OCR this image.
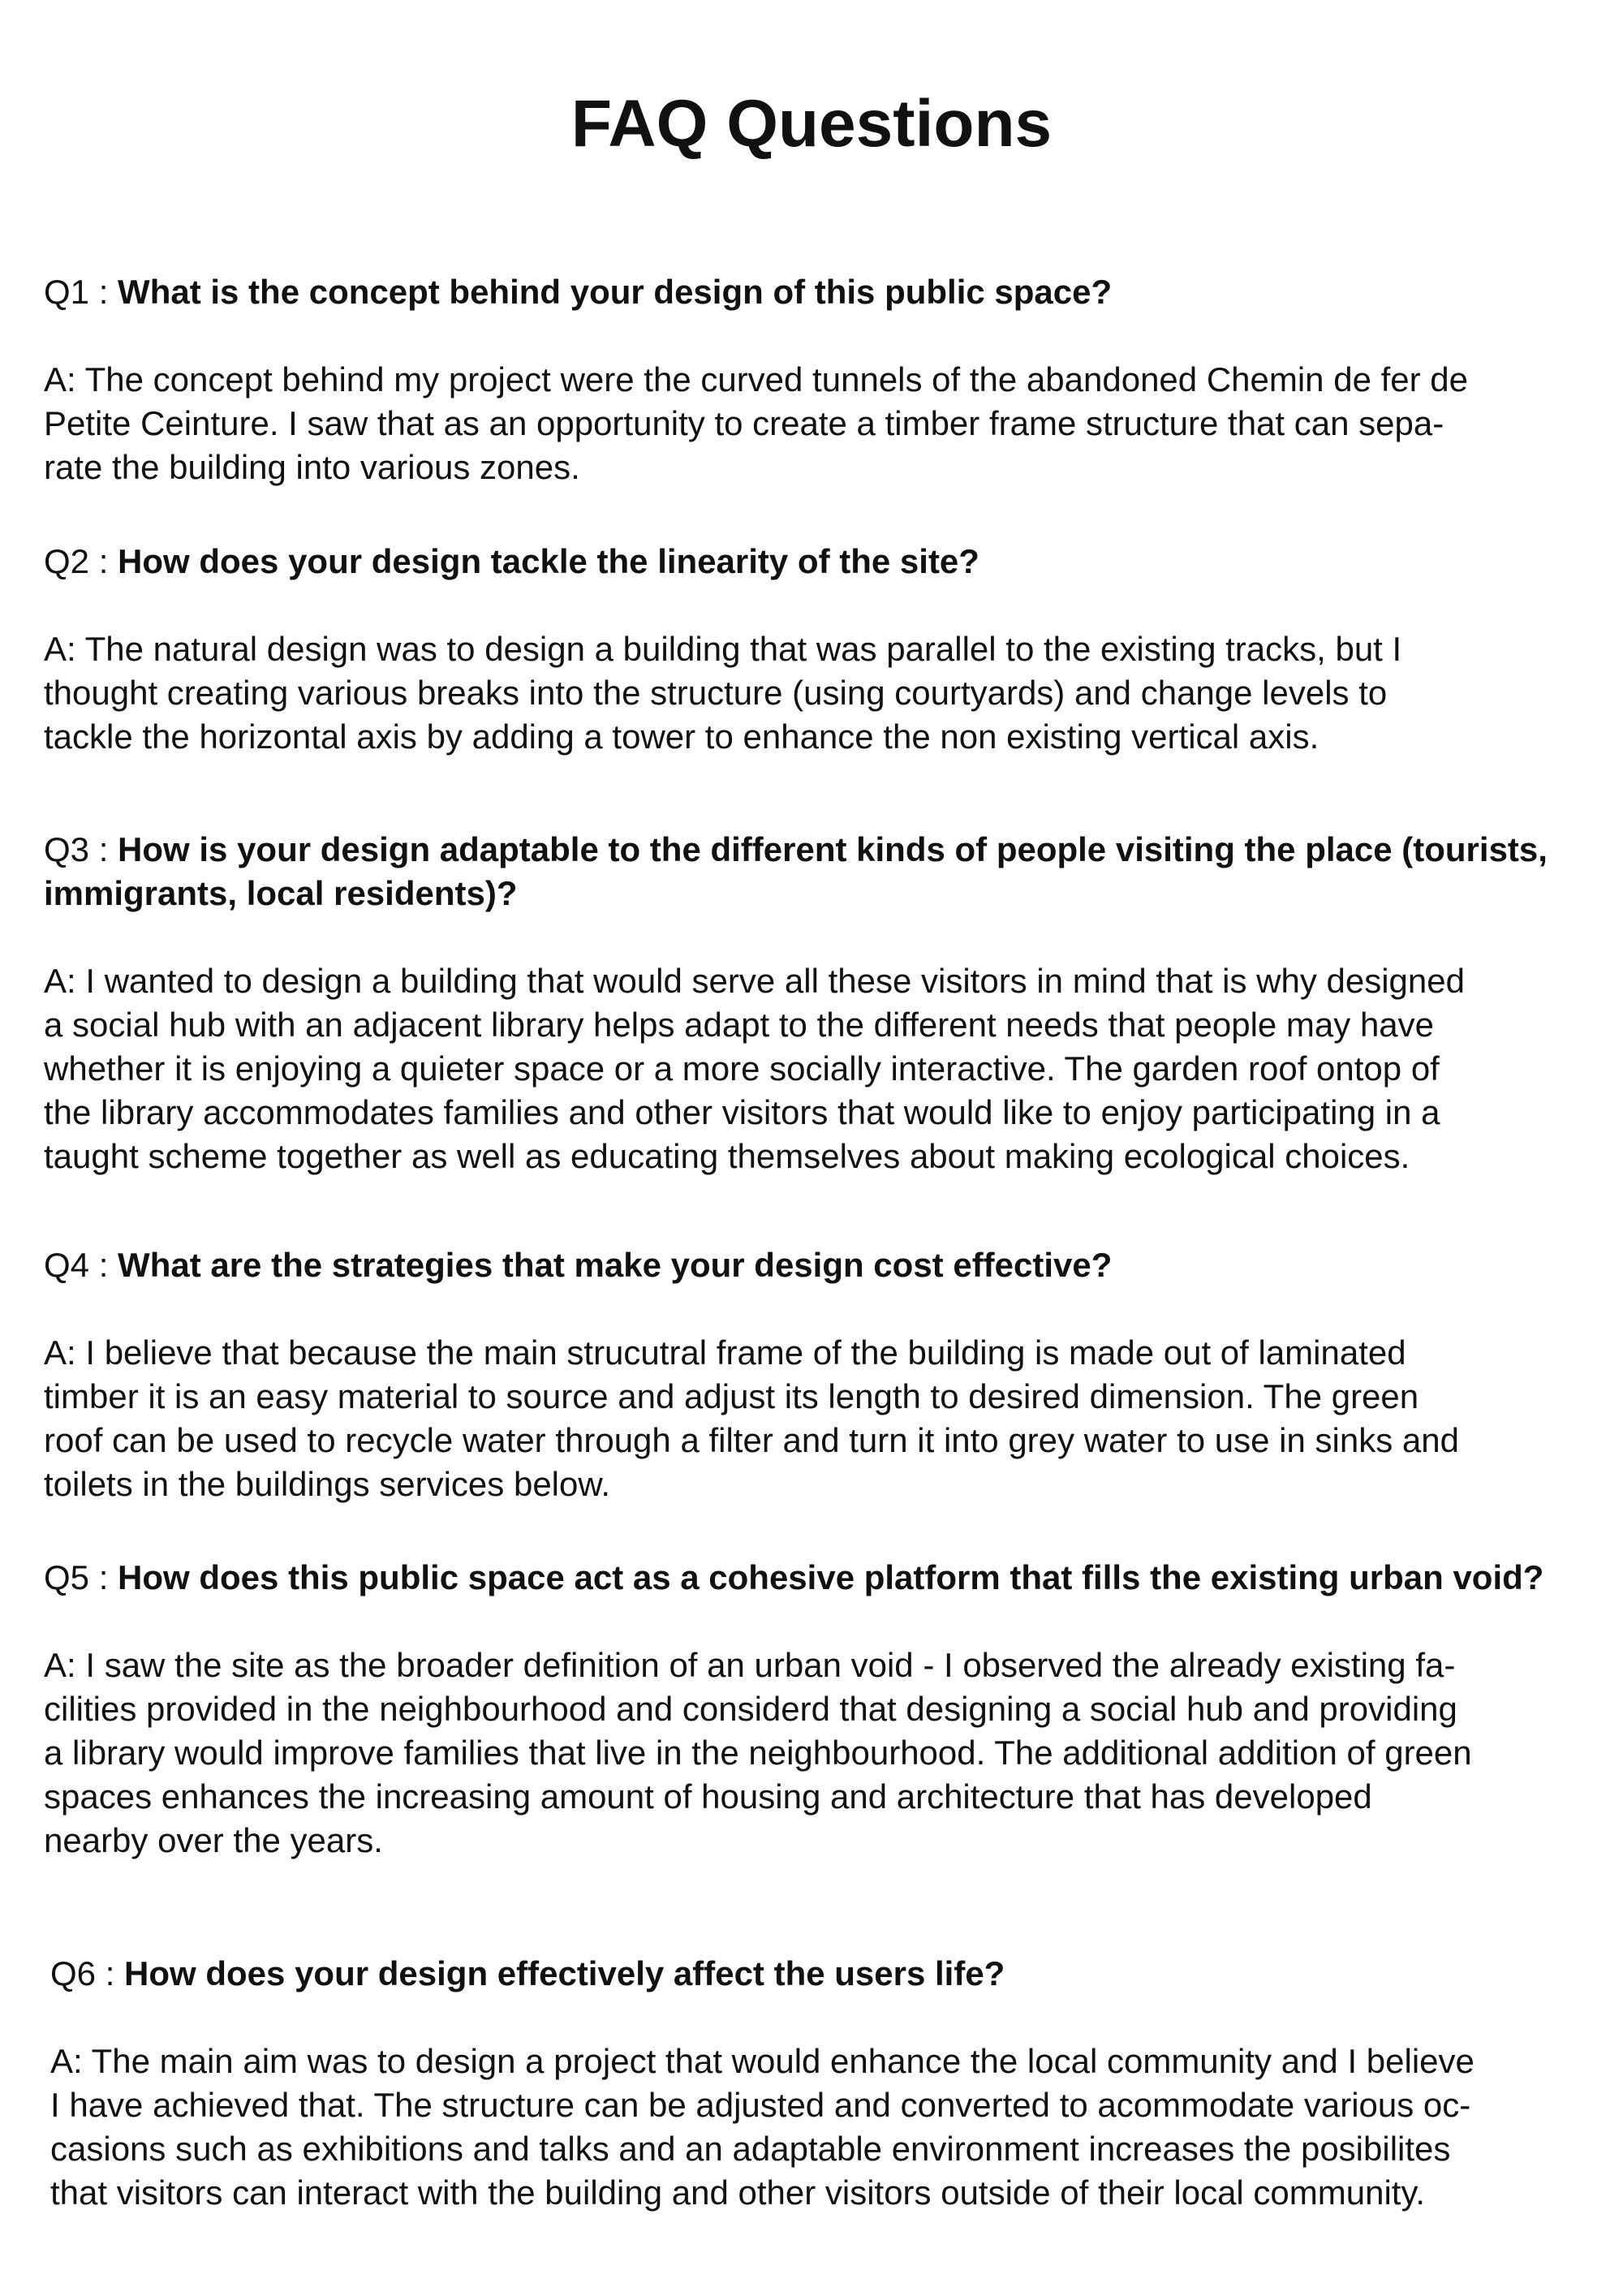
FAQ Questions

Q1 : What is the concept behind your design of this public space?

A: The concept behind my project were the curved tunnels of the abandoned Chemin de fer de

Petite Ceinture. I saw that as an opportunity to create a timber frame structure that can sepa-

rate the building into various zones.

Q2 : How does your design tackle the linearity of the site?

A: The natural design was to design a building that was parallel to the existing tracks, but I

thought creating various breaks into the structure (using courtyards) and change levels to

tackle the horizontal axis by adding a tower to enhance the non existing vertical axis.

Q3 : How is your design adaptable to the different kinds of people visiting the place (tourists, immigrants, local residents)?

A: I wanted to design a building that would serve all these visitors in mind that is why designed

a social hub with an adjacent library helps adapt to the different needs that people may have

whether it is enjoying a quieter space or a more socially interactive. The garden roof ontop of

the library accommodates families and other visitors that would like to enjoy participating in a

taught scheme together as well as educating themselves about making ecological choices.

Q4 : What are the strategies that make your design cost effective?

A: I believe that because the main strucutral frame of the building is made out of laminated

timber it is an easy material to source and adjust its length to desired dimension. The green

roof can be used to recycle water through a filter and turn it into grey water to use in sinks and

toilets in the buildings services below.

Q5 : How does this public space act as a cohesive platform that fills the existing urban void?

A: I saw the site as the broader definition of an urban void - I observed the already existing fa-

cilities provided in the neighbourhood and considerd that designing a social hub and providing

a library would improve families that live in the neighbourhood. The additional addition of green

spaces enhances the increasing amount of housing and architecture that has developed

nearby over the years.

Q6 : How does your design effectively affect the users life?

A: The main aim was to design a project that would enhance the local community and I believe

I have achieved that. The structure can be adjusted and converted to acommodate various oc-

casions such as exhibitions and talks and an adaptable environment increases the posibilites

that visitors can interact with the building and other visitors outside of their local community.
